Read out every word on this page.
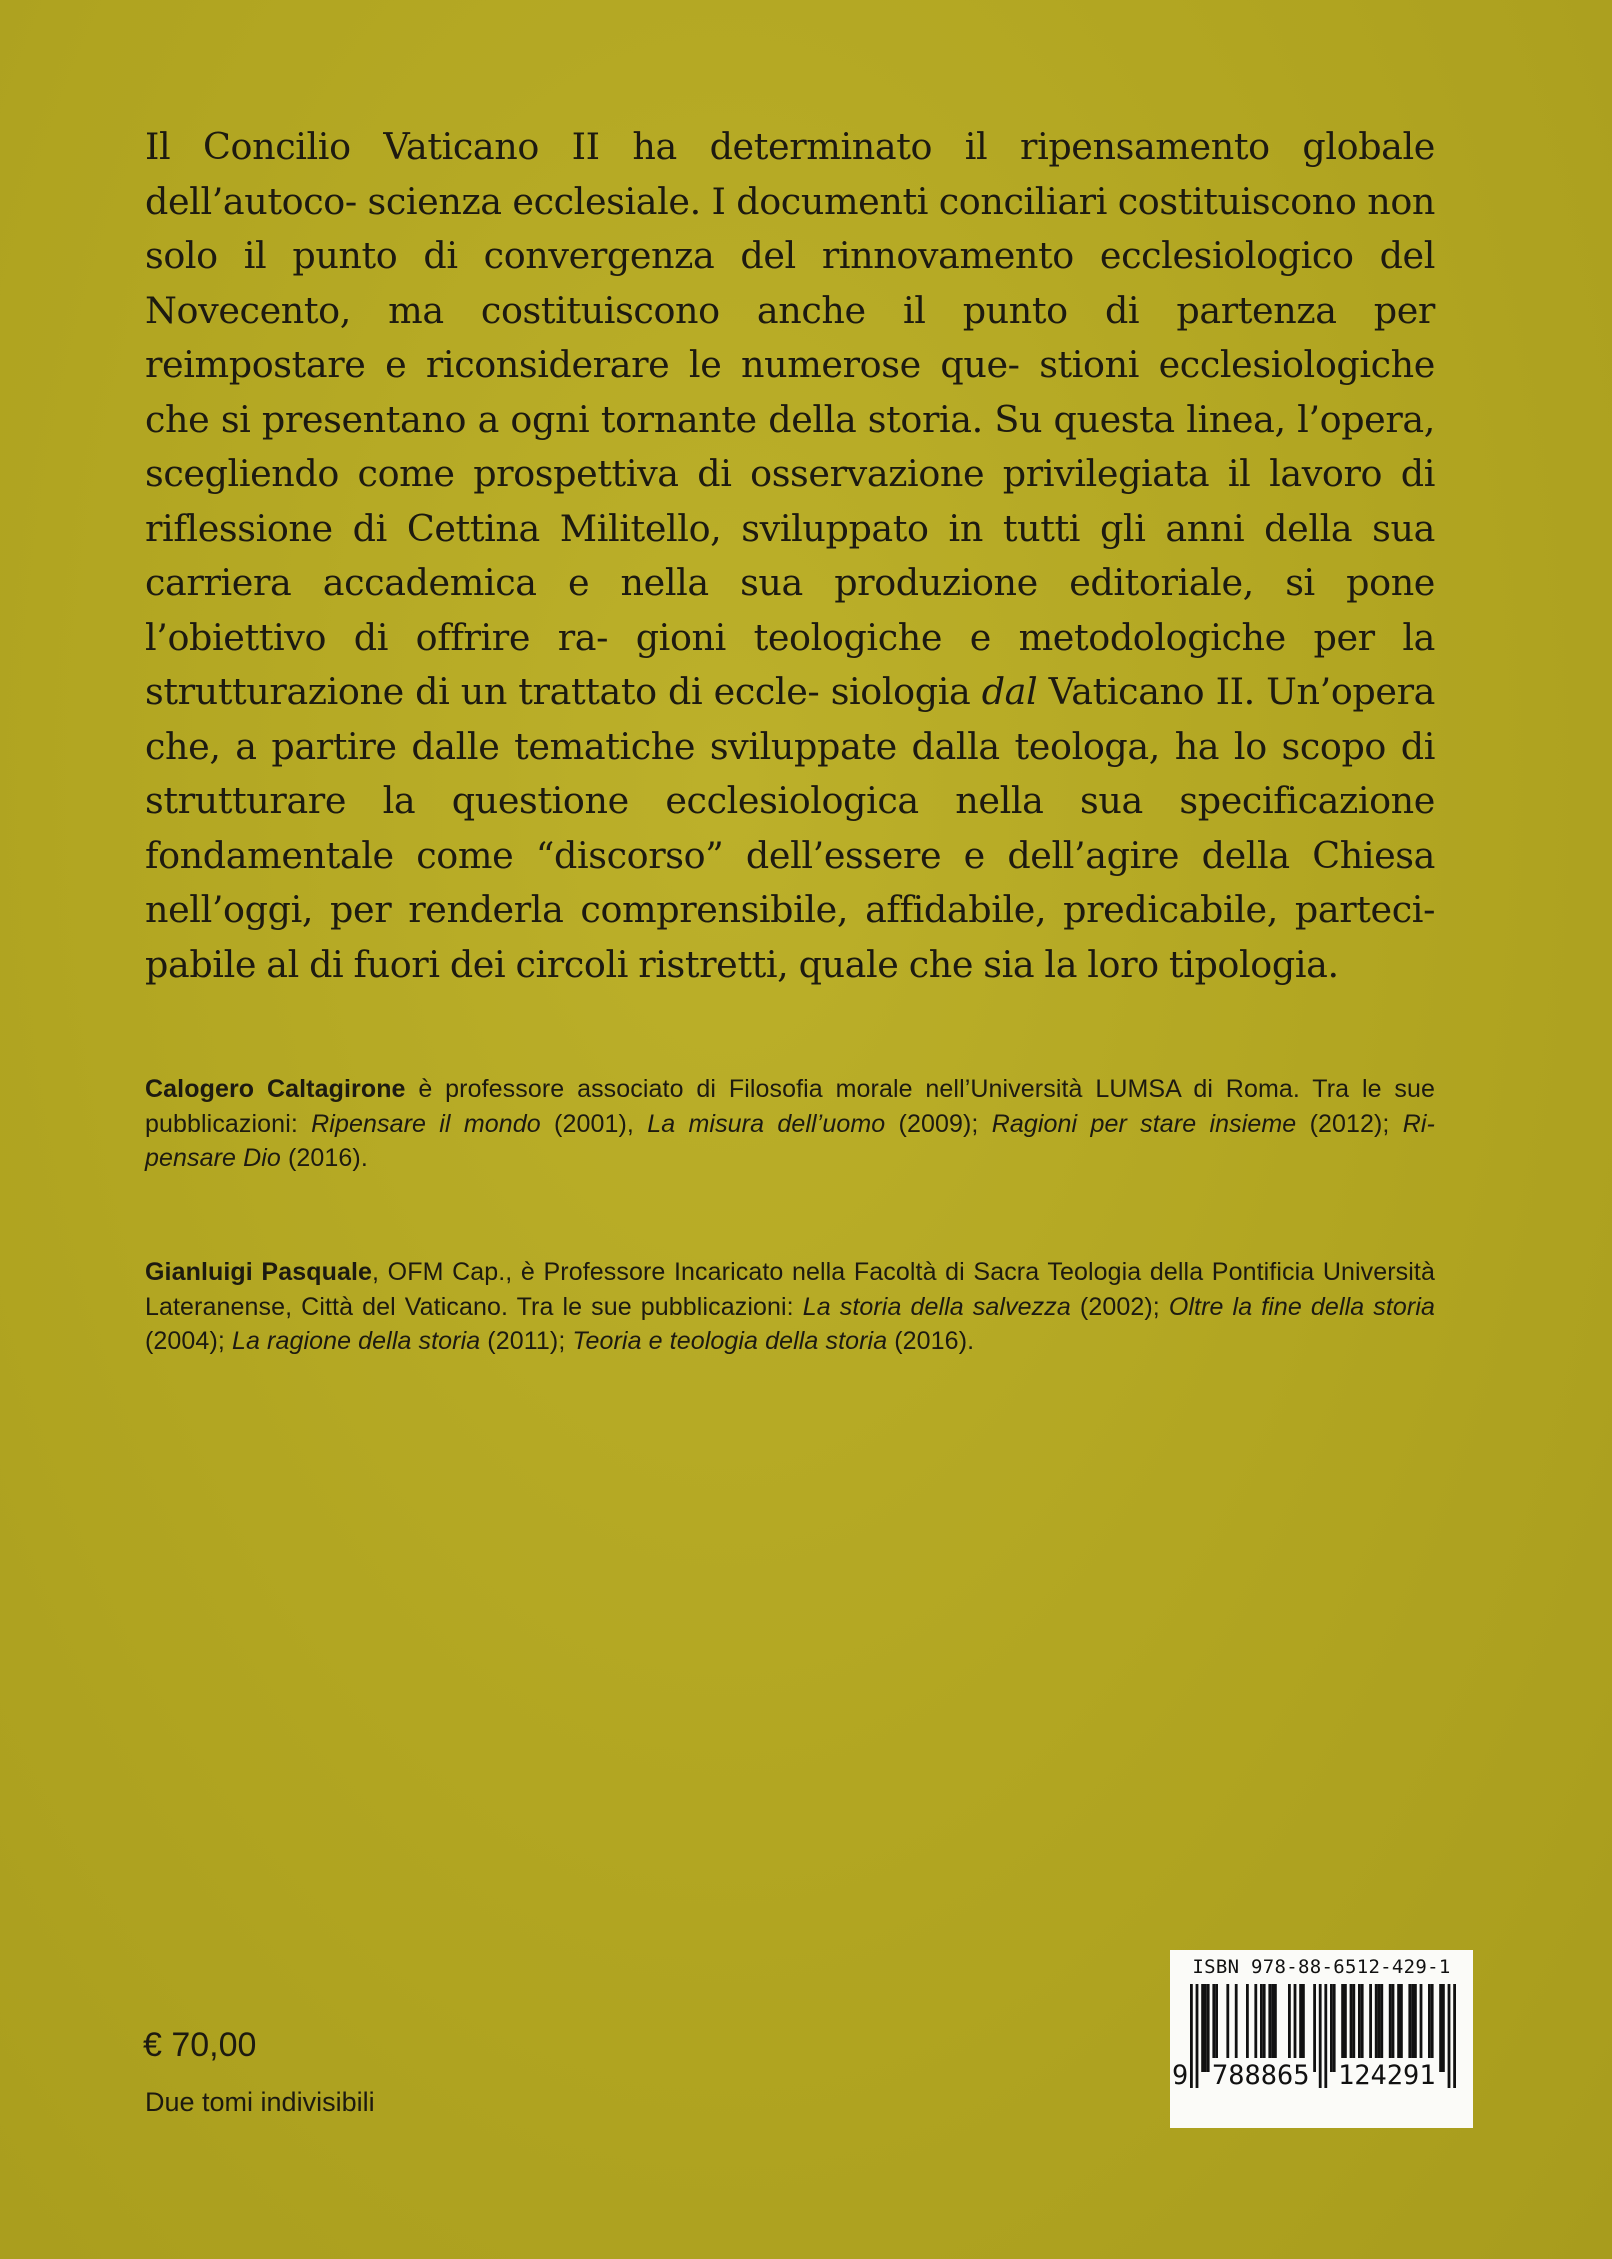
Il Concilio Vaticano II ha determinato il ripensamento globale dell’autoco- scienza ecclesiale. I documenti conciliari costituiscono non solo il punto di convergenza del rinnovamento ecclesiologico del Novecento, ma costituiscono anche il punto di partenza per reimpostare e riconsiderare le numerose que- stioni ecclesiologiche che si presentano a ogni tornante della storia. Su questa linea, l’opera, scegliendo come prospettiva di osservazione privilegiata il lavoro di riflessione di Cettina Militello, sviluppato in tutti gli anni della sua carriera accademica e nella sua produzione editoriale, si pone l’obiettivo di offrire ra- gioni teologiche e metodologiche per la strutturazione di un trattato di eccle- siologia dal Vaticano II. Un’opera che, a partire dalle tematiche sviluppate dalla teologa, ha lo scopo di strutturare la questione ecclesiologica nella sua specificazione fondamentale come “discorso” dell’essere e dell’agire della Chiesa nell’oggi, per renderla comprensibile, affidabile, predicabile, parteci- pabile al di fuori dei circoli ristretti, quale che sia la loro tipologia.

Calogero Caltagirone è professore associato di Filosofia morale nell’Università LUMSA di Roma. Tra le sue pubblicazioni: Ripensare il mondo (2001), La misura dell’uomo (2009); Ragioni per stare insieme (2012); Ri-pensare Dio (2016).

Gianluigi Pasquale, OFM Cap., è Professore Incaricato nella Facoltà di Sacra Teologia della Pontificia Università Lateranense, Città del Vaticano. Tra le sue pubblicazioni: La storia della salvezza (2002); Oltre la fine della storia (2004); La ragione della storia (2011); Teoria e teologia della storia (2016).

€ 70,00
Due tomi indivisibili
ISBN 978-88-6512-429-1
9 788865 124291
